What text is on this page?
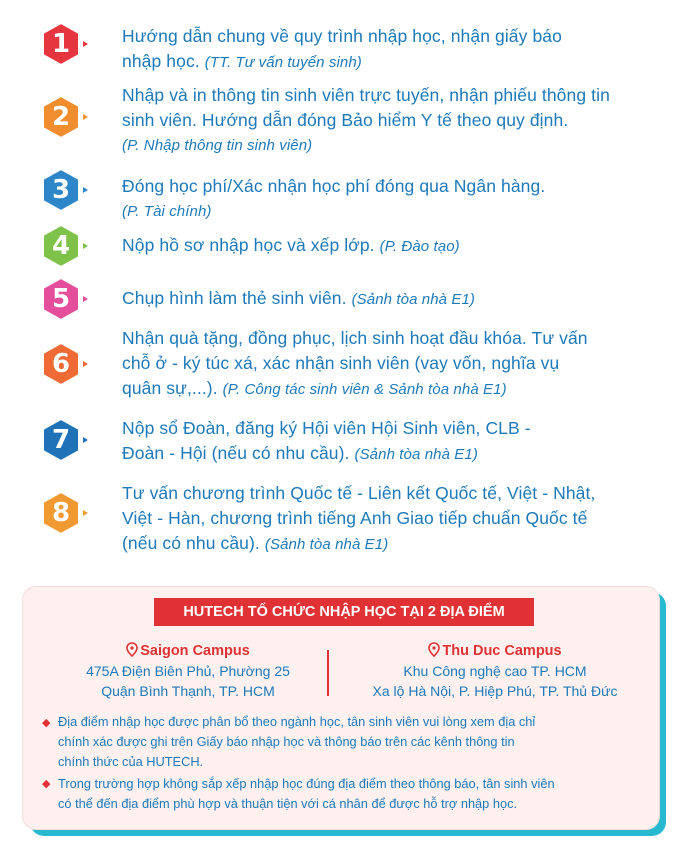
1	Hướng dẫn chung về quy trình nhập học, nhận giấy báo
nhập học. (TT. Tư vấn tuyển sinh)
2
Nhập và in thông tin sinh viên trực tuyến, nhận phiếu thông tin
sinh viên. Hướng dẫn đóng Bảo hiểm Y tế theo quy định.
(P. Nhập thông tin sinh viên)
3	Đóng học phí/Xác nhận học phí đóng qua Ngân hàng.
(P. Tài chính)
4	Nộp hồ sơ nhập học và xếp lớp. (P. Đào tạo)
5	Chụp hình làm thẻ sinh viên. (Sảnh tòa nhà E1)
6
Nhận quà tặng, đồng phục, lịch sinh hoạt đầu khóa. Tư vấn
chỗ ở - ký túc xá, xác nhận sinh viên (vay vốn, nghĩa vụ
quân sự,...). (P. Công tác sinh viên & Sảnh tòa nhà E1)
7	Nộp sổ Đoàn, đăng ký Hội viên Hội Sinh viên, CLB -
Đoàn - Hội (nếu có nhu cầu). (Sảnh tòa nhà E1)
8
Tư vấn chương trình Quốc tế - Liên kết Quốc tế, Việt - Nhật,
Việt - Hàn, chương trình tiếng Anh Giao tiếp chuẩn Quốc tế
(nếu có nhu cầu). (Sảnh tòa nhà E1)
HUTECH TỔ CHỨC NHẬP HỌC TẠI 2 ĐỊA ĐIỂM
Saigon Campus
475A Điện Biên Phủ, Phường 25
Quận Bình Thạnh, TP. HCM
Thu Duc Campus
Khu Công nghệ cao TP. HCM
Xa lộ Hà Nội, P. Hiệp Phú, TP. Thủ Đức
◆ Địa điểm nhập học được phân bổ theo ngành học, tân sinh viên vui lòng xem địa chỉ
chính xác được ghi trên Giấy báo nhập học và thông báo trên các kênh thông tin
chính thức của HUTECH.
◆ Trong trường hợp không sắp xếp nhập học đúng địa điểm theo thông báo, tân sinh viên
có thể đến địa điểm phù hợp và thuận tiện với cá nhân để được hỗ trợ nhập học.
